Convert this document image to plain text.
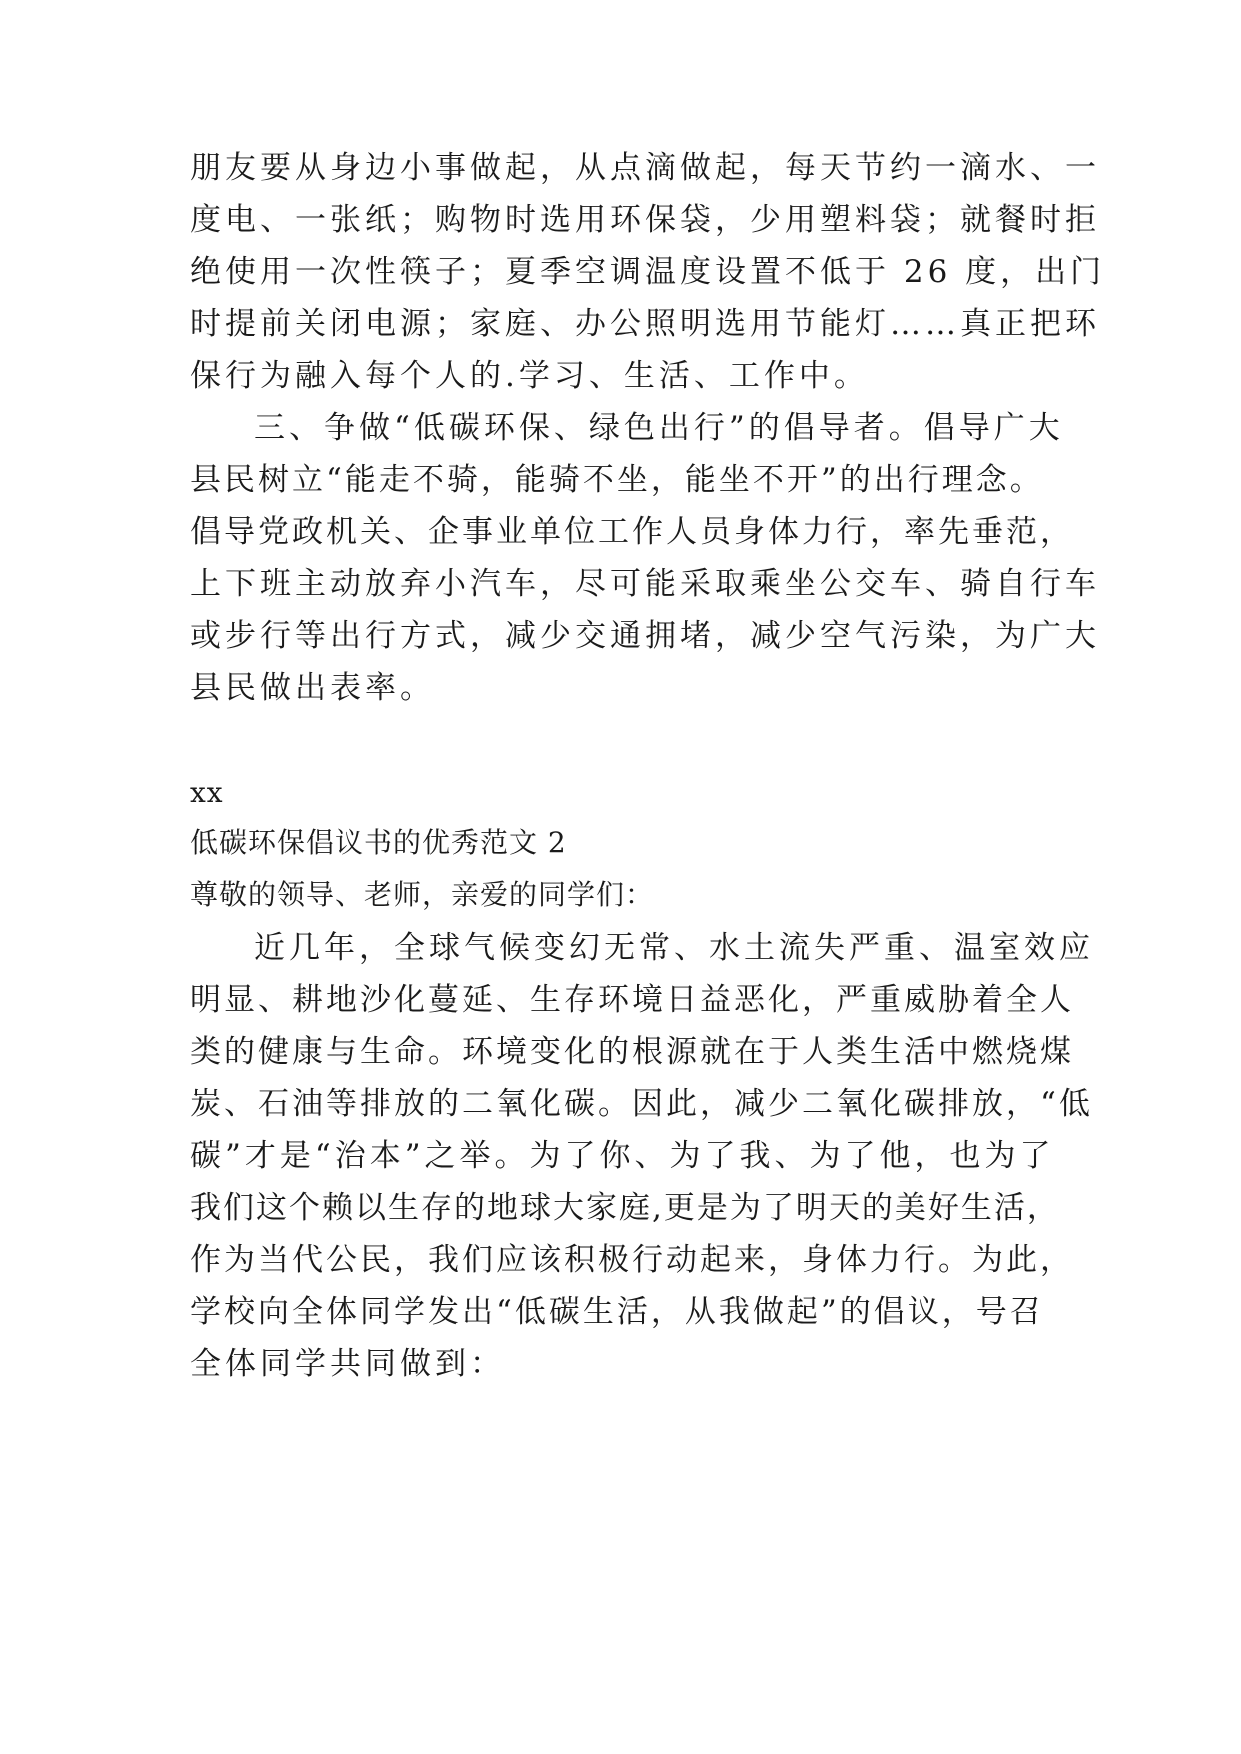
朋友要从身边小事做起，从点滴做起，每天节约一滴水、一
度电、一张纸；购物时选用环保袋，少用塑料袋；就餐时拒
绝使用一次性筷子；夏季空调温度设置不低于 26 度，出门
时提前关闭电源；家庭、办公照明选用节能灯……真正把环
保行为融入每个人的.学习、生活、工作中。
三、争做“低碳环保、绿色出行”的倡导者。倡导广大
县民树立“能走不骑，能骑不坐，能坐不开”的出行理念。
倡导党政机关、企事业单位工作人员身体力行，率先垂范，
上下班主动放弃小汽车，尽可能采取乘坐公交车、骑自行车
或步行等出行方式，减少交通拥堵，减少空气污染，为广大
县民做出表率。
xx
低碳环保倡议书的优秀范文 2
尊敬的领导、老师，亲爱的同学们：
近几年，全球气候变幻无常、水土流失严重、温室效应
明显、耕地沙化蔓延、生存环境日益恶化，严重威胁着全人
类的健康与生命。环境变化的根源就在于人类生活中燃烧煤
炭、石油等排放的二氧化碳。因此，减少二氧化碳排放，“低
碳”才是“治本”之举。为了你、为了我、为了他，也为了
我们这个赖以生存的地球大家庭,更是为了明天的美好生活，
作为当代公民，我们应该积极行动起来，身体力行。为此，
学校向全体同学发出“低碳生活，从我做起”的倡议，号召
全体同学共同做到：
